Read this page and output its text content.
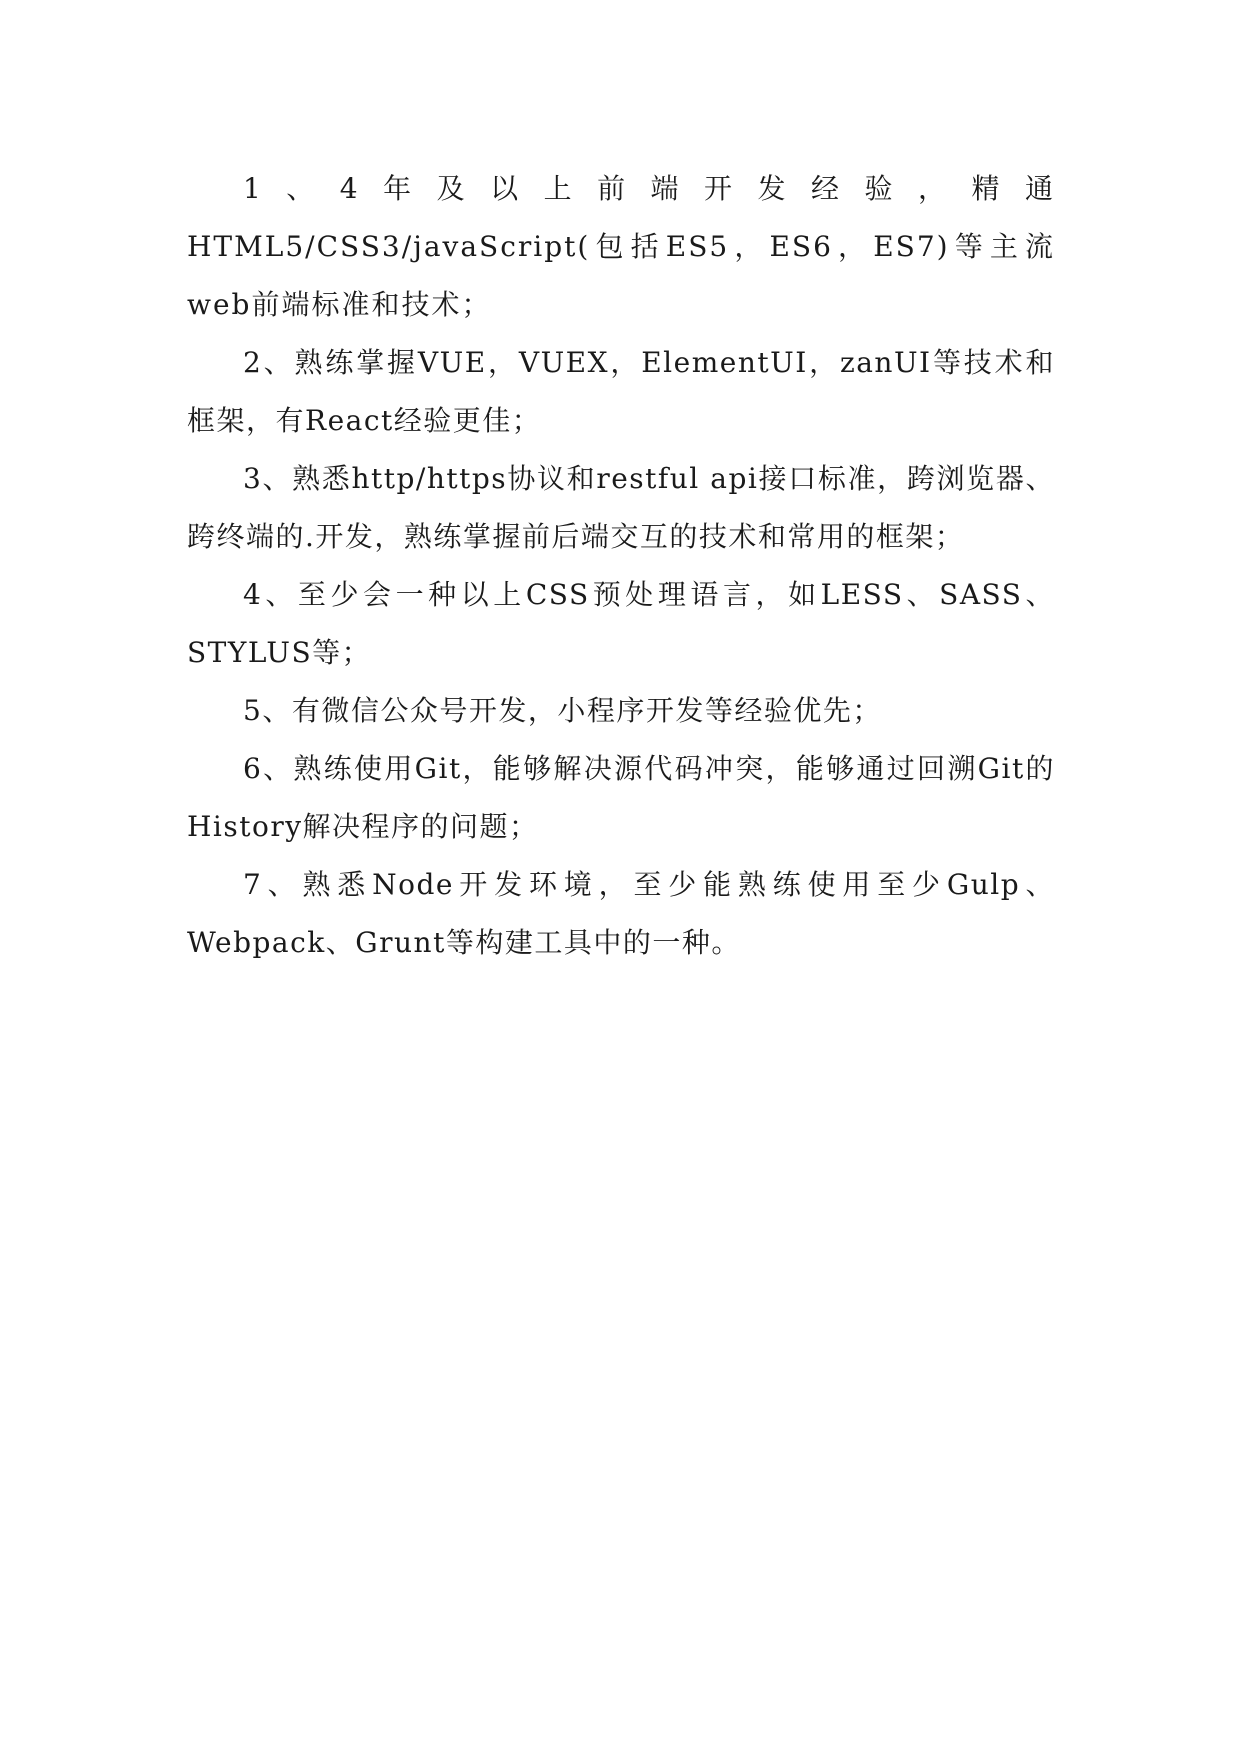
1、4年及以上前端开发经验，精通HTML5/CSS3/javaScript(包括ES5，ES6，ES7)等主流web前端标准和技术；

2、熟练掌握VUE，VUEX，ElementUI，zanUI等技术和框架，有React经验更佳；

3、熟悉http/https协议和restful api接口标准，跨浏览器、跨终端的.开发，熟练掌握前后端交互的技术和常用的框架；

4、至少会一种以上CSS预处理语言，如LESS、SASS、STYLUS等；

5、有微信公众号开发，小程序开发等经验优先；

6、熟练使用Git，能够解决源代码冲突，能够通过回溯Git的History解决程序的问题；

7、熟悉Node开发环境，至少能熟练使用至少Gulp、Webpack、Grunt等构建工具中的一种。
